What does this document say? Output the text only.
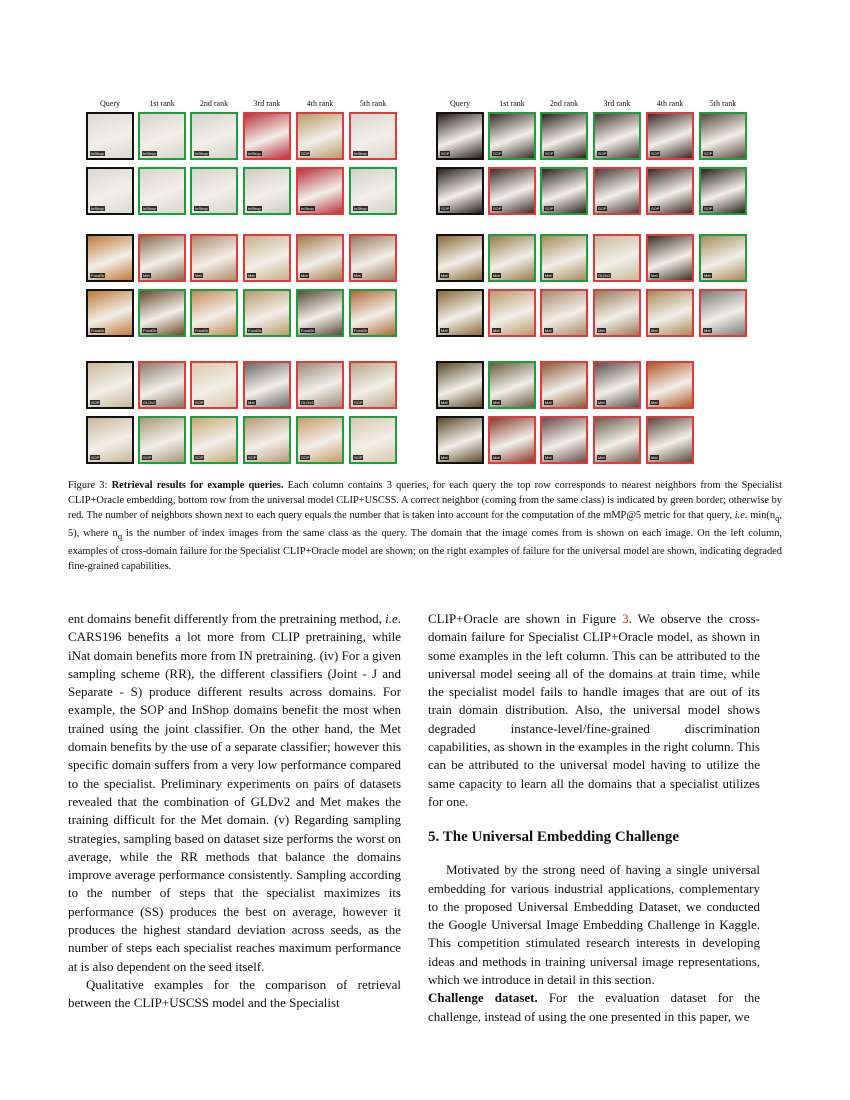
Query	1st rank	2nd rank	3rd rank	4th rank	5th rank
InShop	InShop	InShop	InShop	SOP	InShop
InShop	InShop	InShop	InShop	InShop	InShop
Food2k	Met	Met	Met	Met	Met
Food2k	Food2k	Food2k	Food2k	Food2k	Food2k
SOP	GLDv2	SOP	Met	GLDv2	SOP
SOP	SOP	SOP	SOP	SOP	SOP
Query	1st rank	2nd rank	3rd rank	4th rank	5th rank
SOP	SOP	SOP	SOP	SOP	SOP
SOP	SOP	SOP	SOP	SOP	SOP
Met	Met	Met	GLDv2	Met	Met
Met	Met	Met	Met	Met	Met
Met	Met	Met	Met	Met
Met	Met	Met	Met	Met
Figure 3: Retrieval results for example queries. Each column contains 3 queries, for each query the top row corresponds to nearest neighbors from the Specialist CLIP+Oracle embedding, bottom row from the universal model CLIP+USCSS. A correct neighbor (coming from the same class) is indicated by green border; otherwise by red. The number of neighbors shown next to each query equals the number that is taken into account for the computation of the mMP@5 metric for that query, i.e. $\min(n_q$, 5), where $n_q$ is the number of index images from the same class as the query. The domain that the image comes from is shown on each image. On the left column, examples of cross-domain failure for the Specialist CLIP+Oracle model are shown; on the right examples of failure for the universal model are shown, indicating degraded fine-grained capabilities.

ent domains benefit differently from the pretraining method, i.e. CARS196 benefits a lot more from CLIP pretraining, while iNat domain benefits more from IN pretraining. (iv) For a given sampling scheme (RR), the different classifiers (Joint - J and Separate - S) produce different results across domains. For example, the SOP and InShop domains benefit the most when trained using the joint classifier. On the other hand, the Met domain benefits by the use of a separate classifier; however this specific domain suffers from a very low performance compared to the specialist. Preliminary experiments on pairs of datasets revealed that the combination of GLDv2 and Met makes the training difficult for the Met domain. (v) Regarding sampling strategies, sampling based on dataset size performs the worst on average, while the RR methods that balance the domains improve average performance consistently. Sampling according to the number of steps that the specialist maximizes its performance (SS) produces the best on average, however it produces the highest standard deviation across seeds, as the number of steps each specialist reaches maximum performance at is also dependent on the seed itself.

Qualitative examples for the comparison of retrieval between the CLIP+USCSS model and the Specialist

CLIP+Oracle are shown in Figure 3. We observe the cross-domain failure for Specialist CLIP+Oracle model, as shown in some examples in the left column. This can be attributed to the universal model seeing all of the domains at train time, while the specialist model fails to handle images that are out of its train domain distribution. Also, the universal model shows degraded instance-level/fine-grained discrimination capabilities, as shown in the examples in the right column. This can be attributed to the universal model having to utilize the same capacity to learn all the domains that a specialist utilizes for one.

5. The Universal Embedding Challenge

Motivated by the strong need of having a single universal embedding for various industrial applications, complementary to the proposed Universal Embedding Dataset, we conducted the Google Universal Image Embedding Challenge in Kaggle. This competition stimulated research interests in developing ideas and methods in training universal image representations, which we introduce in detail in this section.

Challenge dataset. For the evaluation dataset for the challenge, instead of using the one presented in this paper, we
